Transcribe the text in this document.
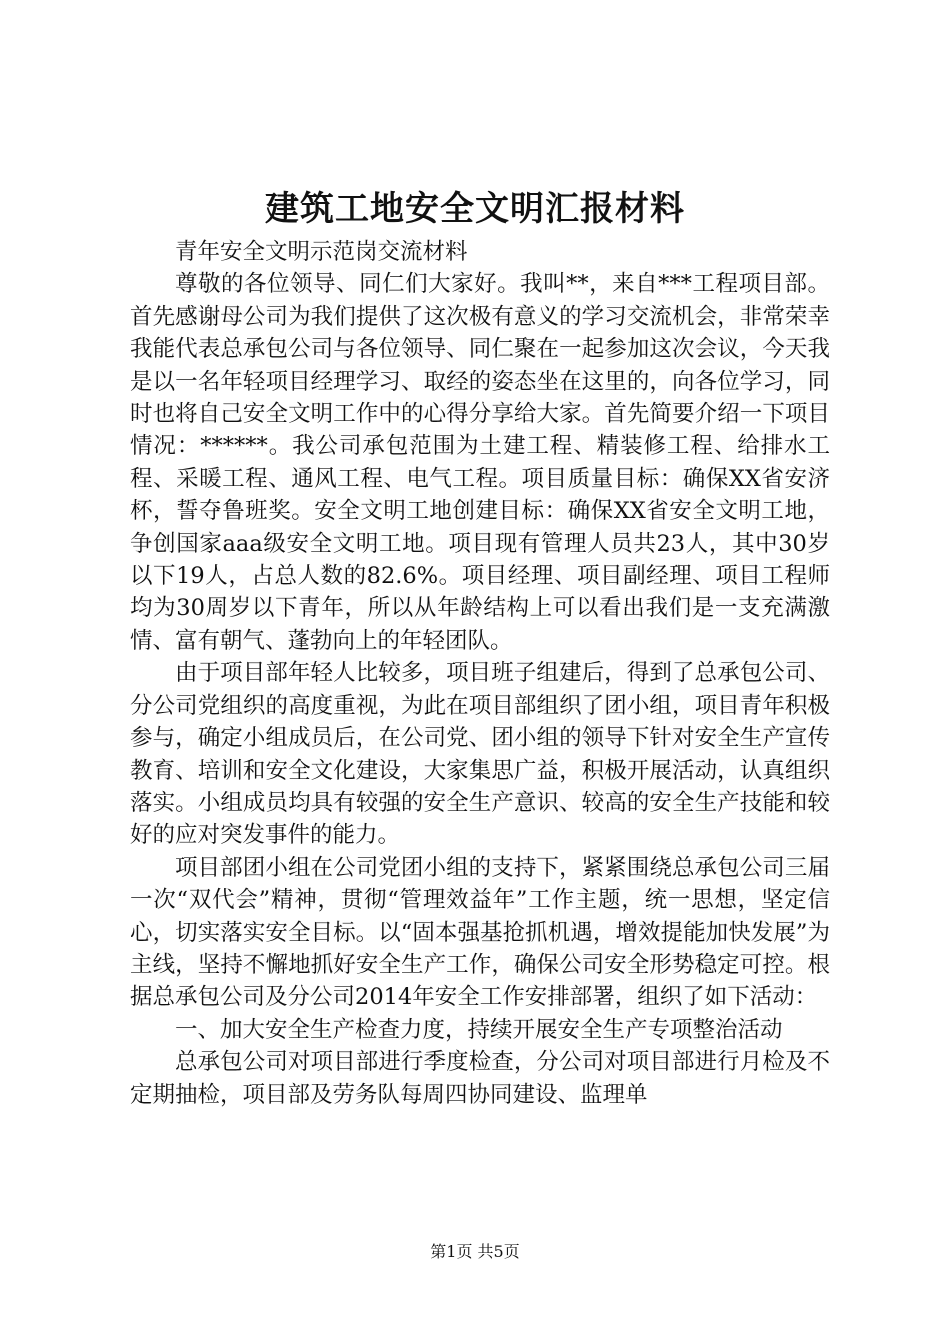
建筑工地安全文明汇报材料

青年安全文明示范岗交流材料

尊敬的各位领导、同仁们大家好。我叫**，来自***工程项目部。首先感谢母公司为我们提供了这次极有意义的学习交流机会，非常荣幸我能代表总承包公司与各位领导、同仁聚在一起参加这次会议，今天我是以一名年轻项目经理学习、取经的姿态坐在这里的，向各位学习，同时也将自己安全文明工作中的心得分享给大家。首先简要介绍一下项目情况：******。我公司承包范围为土建工程、精装修工程、给排水工程、采暖工程、通风工程、电气工程。项目质量目标：确保XX省安济杯，誓夺鲁班奖。安全文明工地创建目标：确保XX省安全文明工地，争创国家aaa级安全文明工地。项目现有管理人员共23人，其中30岁以下19人，占总人数的82.6%。项目经理、项目副经理、项目工程师均为30周岁以下青年，所以从年龄结构上可以看出我们是一支充满激情、富有朝气、蓬勃向上的年轻团队。

由于项目部年轻人比较多，项目班子组建后，得到了总承包公司、分公司党组织的高度重视，为此在项目部组织了团小组，项目青年积极参与，确定小组成员后，在公司党、团小组的领导下针对安全生产宣传教育、培训和安全文化建设，大家集思广益，积极开展活动，认真组织落实。小组成员均具有较强的安全生产意识、较高的安全生产技能和较好的应对突发事件的能力。

项目部团小组在公司党团小组的支持下，紧紧围绕总承包公司三届一次“双代会”精神，贯彻“管理效益年”工作主题，统一思想，坚定信心，切实落实安全目标。以“固本强基抢抓机遇，增效提能加快发展”为主线，坚持不懈地抓好安全生产工作，确保公司安全形势稳定可控。根据总承包公司及分公司2014年安全工作安排部署，组织了如下活动：

一、加大安全生产检查力度，持续开展安全生产专项整治活动

总承包公司对项目部进行季度检查，分公司对项目部进行月检及不定期抽检，项目部及劳务队每周四协同建设、监理单

第1页 共5页
